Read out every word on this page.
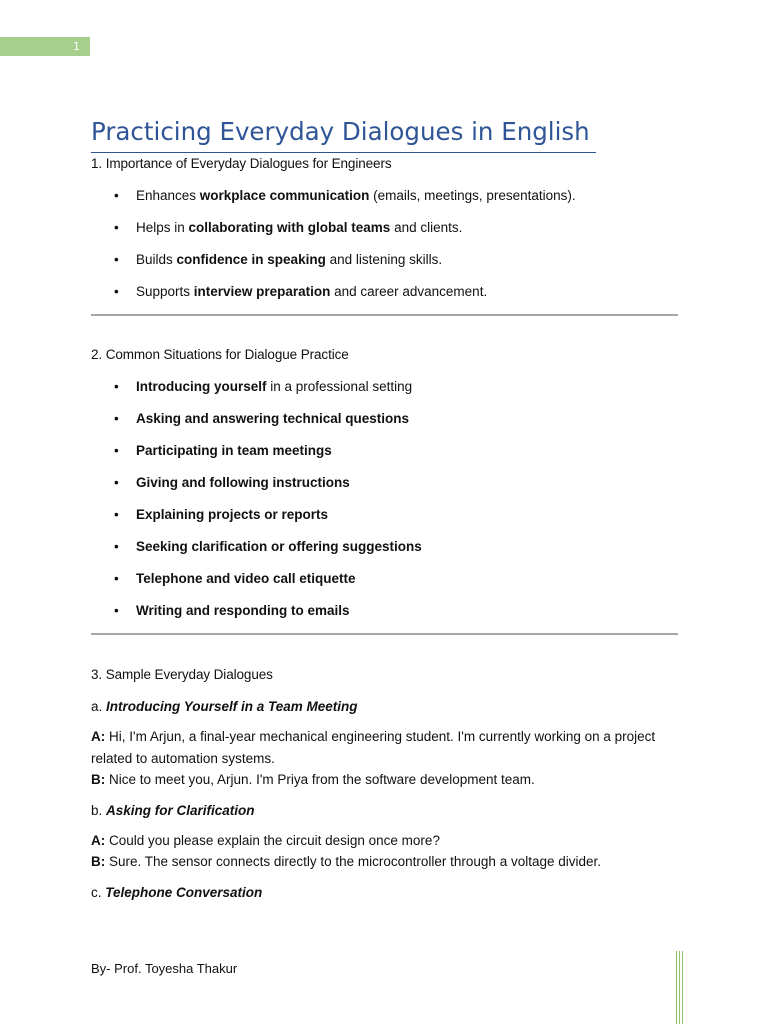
1
Practicing Everyday Dialogues in English
1. Importance of Everyday Dialogues for Engineers
• Enhances workplace communication (emails, meetings, presentations).
• Helps in collaborating with global teams and clients.
• Builds confidence in speaking and listening skills.
• Supports interview preparation and career advancement.
2. Common Situations for Dialogue Practice
• Introducing yourself in a professional setting
• Asking and answering technical questions
• Participating in team meetings
• Giving and following instructions
• Explaining projects or reports
• Seeking clarification or offering suggestions
• Telephone and video call etiquette
• Writing and responding to emails
3. Sample Everyday Dialogues

a. Introducing Yourself in a Team Meeting

A: Hi, I'm Arjun, a final-year mechanical engineering student. I'm currently working on a project related to automation systems.

B: Nice to meet you, Arjun. I'm Priya from the software development team.

b. Asking for Clarification

A: Could you please explain the circuit design once more?

B: Sure. The sensor connects directly to the microcontroller through a voltage divider.

c. Telephone Conversation

By- Prof. Toyesha Thakur
